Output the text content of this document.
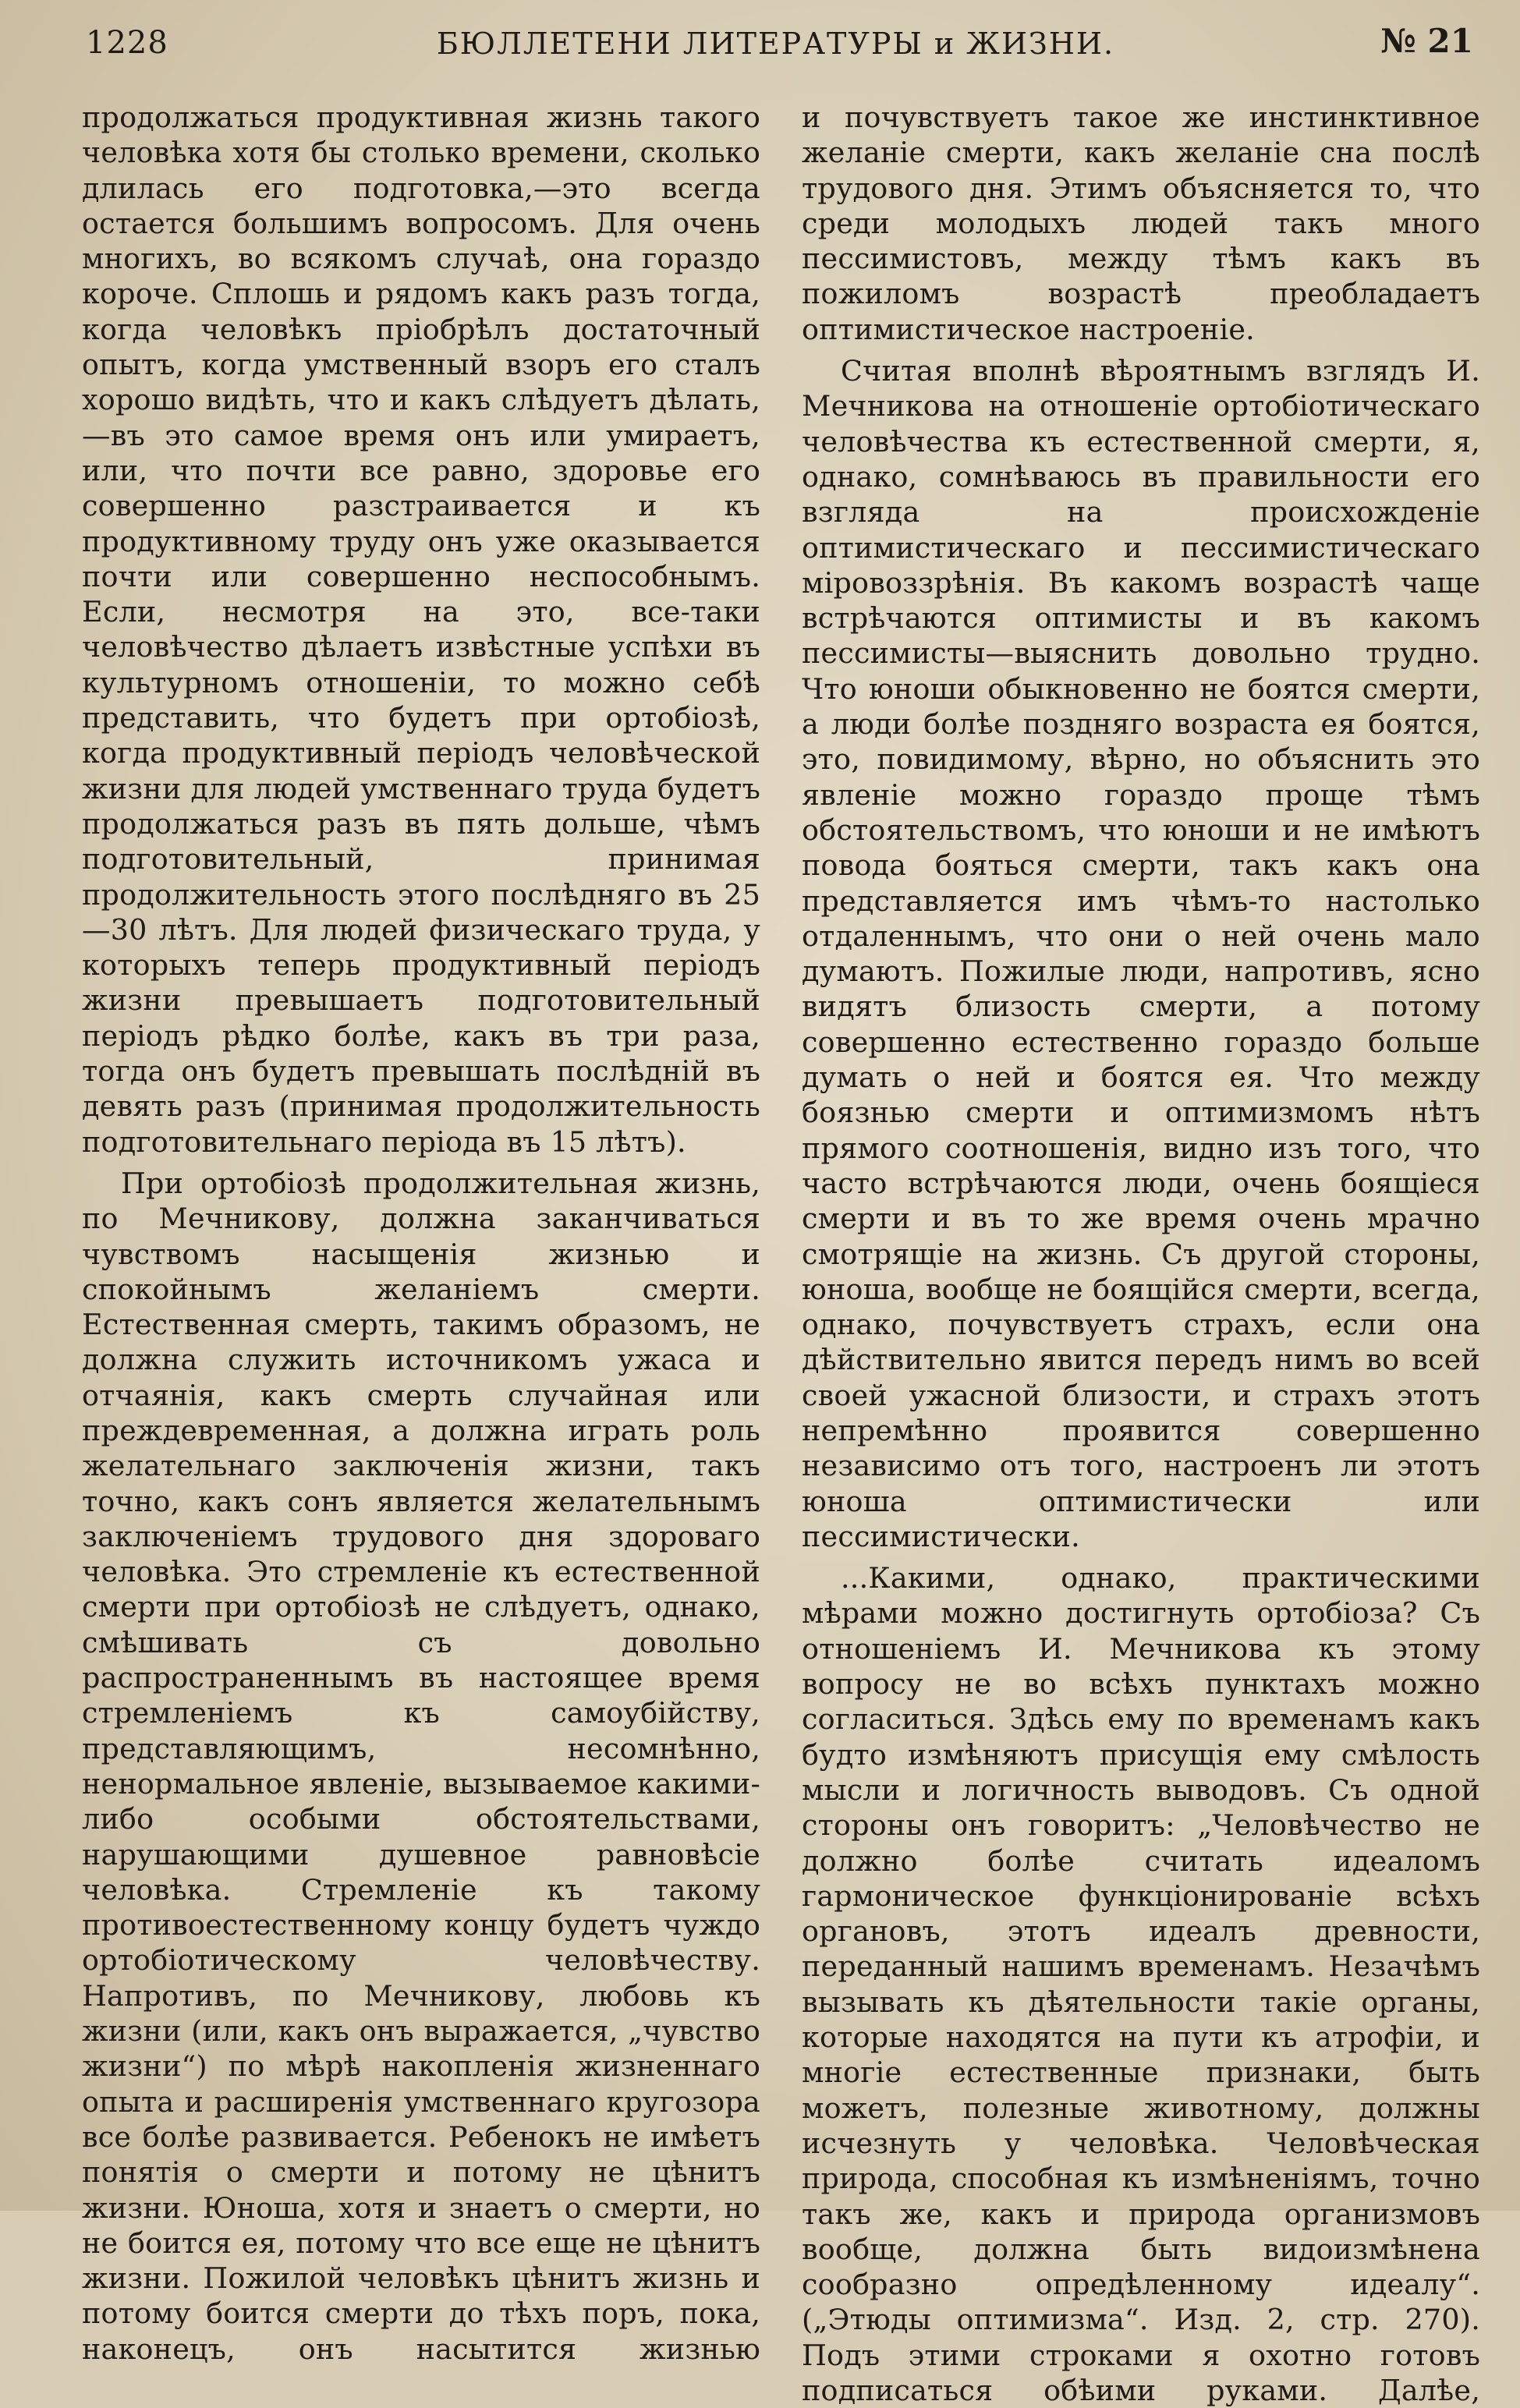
1228	БЮЛЛЕТЕНИ ЛИТЕРАТУРЫ и ЖИЗНИ.	№ 21

продолжаться продуктивная жизнь такого человѣка хотя бы столько времени, сколько длилась его подготовка,—это всегда остается большимъ вопросомъ. Для очень многихъ, во всякомъ случаѣ, она гораздо короче. Сплошь и рядомъ какъ разъ тогда, когда человѣкъ пріобрѣлъ достаточный опытъ, когда умственный взоръ его сталъ хорошо видѣть, что и какъ слѣдуетъ дѣлать,—въ это самое время онъ или умираетъ, или, что почти все равно, здоровье его совершенно разстраивается и къ продуктивному труду онъ уже оказывается почти или совершенно неспособнымъ. Если, несмотря на это, все-таки человѣчество дѣлаетъ извѣстные успѣхи въ культурномъ отношеніи, то можно себѣ представить, что будетъ при ортобіозѣ, когда продуктивный періодъ человѣческой жизни для людей умственнаго труда будетъ продолжаться разъ въ пять дольше, чѣмъ подготовительный, принимая продолжительность этого послѣдняго въ 25—30 лѣтъ. Для людей физическаго труда, у которыхъ теперь продуктивный періодъ жизни превышаетъ подготовительный періодъ рѣдко болѣе, какъ въ три раза, тогда онъ будетъ превышать послѣдній въ девять разъ (принимая продолжительность подготовительнаго періода въ 15 лѣтъ).

При ортобіозѣ продолжительная жизнь, по Мечникову, должна заканчиваться чувствомъ насыщенія жизнью и спокойнымъ желаніемъ смерти. Естественная смерть, такимъ образомъ, не должна служить источникомъ ужаса и отчаянія, какъ смерть случайная или преждевременная, а должна играть роль желательнаго заключенія жизни, такъ точно, какъ сонъ является желательнымъ заключеніемъ трудового дня здороваго человѣка. Это стремленіе къ естественной смерти при ортобіозѣ не слѣдуетъ, однако, смѣшивать съ довольно распространеннымъ въ настоящее время стремленіемъ къ самоубійству, представляющимъ, несомнѣнно, ненормальное явленіе, вызываемое какими-либо особыми обстоятельствами, нарушающими душевное равновѣсіе человѣка. Стремленіе къ такому противоестественному концу будетъ чуждо ортобіотическому человѣчеству. Напротивъ, по Мечникову, любовь къ жизни (или, какъ онъ выражается, „чувство жизни“) по мѣрѣ накопленія жизненнаго опыта и расширенія умственнаго кругозора все болѣе развивается. Ребенокъ не имѣетъ понятія о смерти и потому не цѣнитъ жизни. Юноша, хотя и знаетъ о смерти, но не боится ея, потому что все еще не цѣнитъ жизни. Пожилой человѣкъ цѣнитъ жизнь и потому боится смерти до тѣхъ поръ, пока, наконецъ, онъ насытится жизнью

и почувствуетъ такое же инстинктивное желаніе смерти, какъ желаніе сна послѣ трудового дня. Этимъ объясняется то, что среди молодыхъ людей такъ много пессимистовъ, между тѣмъ какъ въ пожиломъ возрастѣ преобладаетъ оптимистическое настроеніе.

Считая вполнѣ вѣроятнымъ взглядъ И. Мечникова на отношеніе ортобіотическаго человѣчества къ естественной смерти, я, однако, сомнѣваюсь въ правильности его взгляда на происхожденіе оптимистическаго и пессимистическаго міровоззрѣнія. Въ какомъ возрастѣ чаще встрѣчаются оптимисты и въ какомъ пессимисты—выяснить довольно трудно. Что юноши обыкновенно не боятся смерти, а люди болѣе поздняго возраста ея боятся, это, повидимому, вѣрно, но объяснить это явленіе можно гораздо проще тѣмъ обстоятельствомъ, что юноши и не имѣютъ повода бояться смерти, такъ какъ она представляется имъ чѣмъ-то настолько отдаленнымъ, что они о ней очень мало думаютъ. Пожилые люди, напротивъ, ясно видятъ близость смерти, а потому совершенно естественно гораздо больше думать о ней и боятся ея. Что между боязнью смерти и оптимизмомъ нѣтъ прямого соотношенія, видно изъ того, что часто встрѣчаются люди, очень боящіеся смерти и въ то же время очень мрачно смотрящіе на жизнь. Съ другой стороны, юноша, вообще не боящійся смерти, всегда, однако, почувствуетъ страхъ, если она дѣйствительно явится передъ нимъ во всей своей ужасной близости, и страхъ этотъ непремѣнно проявится совершенно независимо отъ того, настроенъ ли этотъ юноша оптимистически или пессимистически.

...Какими, однако, практическими мѣрами можно достигнуть ортобіоза? Съ отношеніемъ И. Мечникова къ этому вопросу не во всѣхъ пунктахъ можно согласиться. Здѣсь ему по временамъ какъ будто измѣняютъ присущія ему смѣлость мысли и логичность выводовъ. Съ одной стороны онъ говоритъ: „Человѣчество не должно болѣе считать идеаломъ гармоническое функціонированіе всѣхъ органовъ, этотъ идеалъ древности, переданный нашимъ временамъ. Незачѣмъ вызывать къ дѣятельности такіе органы, которые находятся на пути къ атрофіи, и многіе естественные признаки, быть можетъ, полезные животному, должны исчезнуть у человѣка. Человѣческая природа, способная къ измѣненіямъ, точно такъ же, какъ и природа организмовъ вообще, должна быть видоизмѣнена сообразно опредѣленному идеалу“. („Этюды оптимизма“. Изд. 2, стр. 270). Подъ этими строками я охотно готовъ подписаться обѣими руками. Далѣе,
